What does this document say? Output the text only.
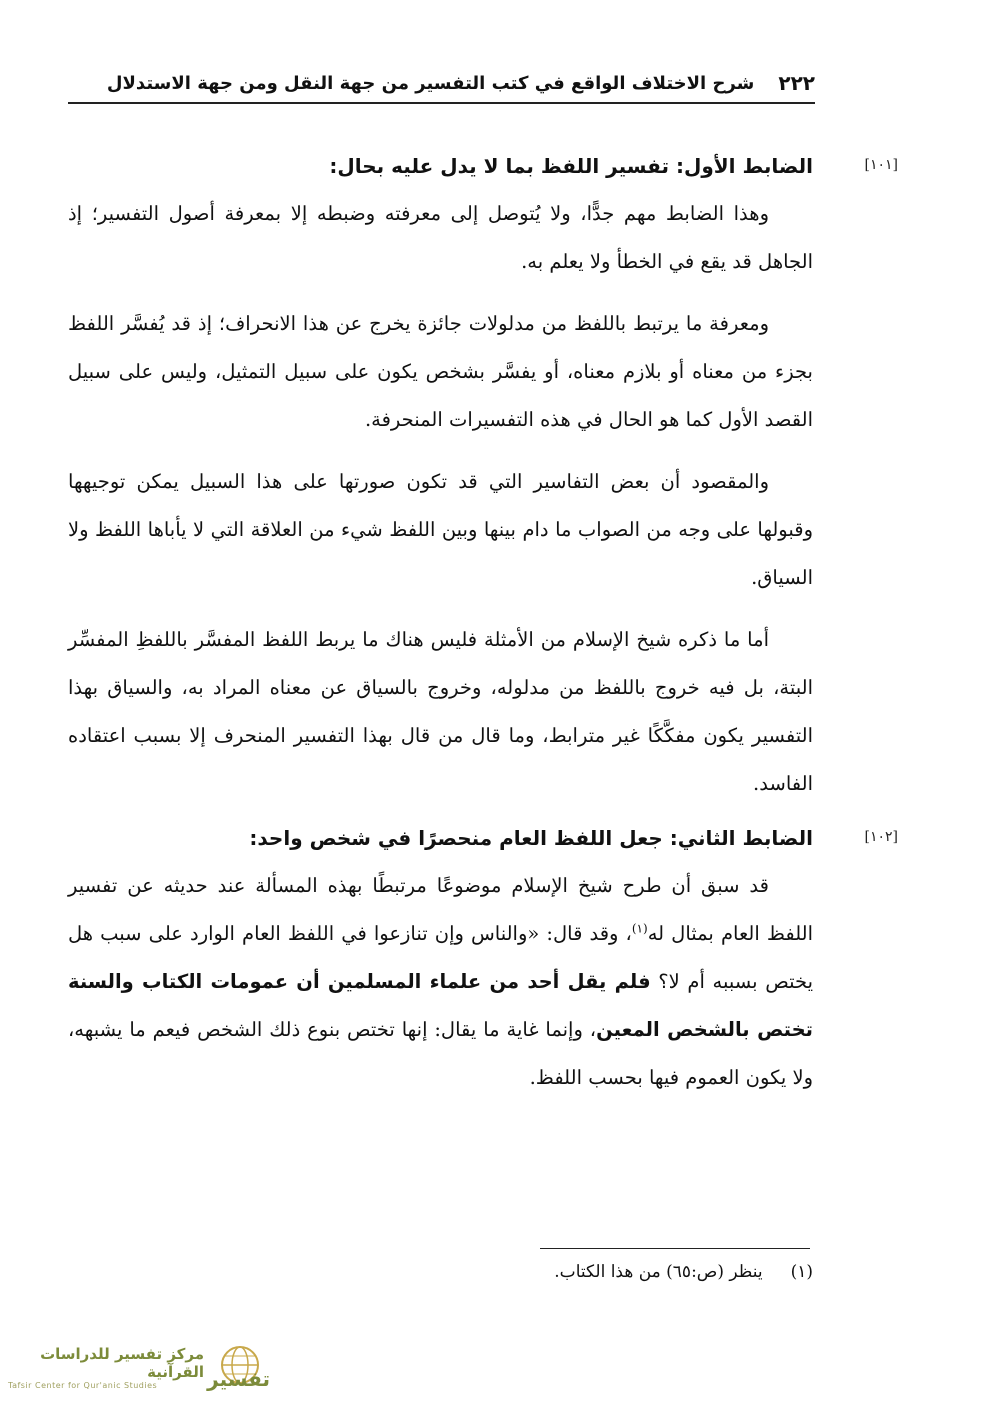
٢٢٢
شرح الاختلاف الواقع في كتب التفسير من جهة النقل ومن جهة الاستدلال
[١٠١]
الضابط الأول: تفسير اللفظ بما لا يدل عليه بحال:

وهذا الضابط مهم جدًّا، ولا يُتوصل إلى معرفته وضبطه إلا بمعرفة أصول التفسير؛ إذ الجاهل قد يقع في الخطأ ولا يعلم به.

ومعرفة ما يرتبط باللفظ من مدلولات جائزة يخرج عن هذا الانحراف؛ إذ قد يُفسَّر اللفظ بجزء من معناه أو بلازم معناه، أو يفسَّر بشخص يكون على سبيل التمثيل، وليس على سبيل القصد الأول كما هو الحال في هذه التفسيرات المنحرفة.

والمقصود أن بعض التفاسير التي قد تكون صورتها على هذا السبيل يمكن توجيهها وقبولها على وجه من الصواب ما دام بينها وبين اللفظ شيء من العلاقة التي لا يأباها اللفظ ولا السياق.

أما ما ذكره شيخ الإسلام من الأمثلة فليس هناك ما يربط اللفظ المفسَّر باللفظِ المفسِّر البتة، بل فيه خروج باللفظ من مدلوله، وخروج بالسياق عن معناه المراد به، والسياق بهذا التفسير يكون مفكَّكًا غير مترابط، وما قال من قال بهذا التفسير المنحرف إلا بسبب اعتقاده الفاسد.

[١٠٢]
الضابط الثاني: جعل اللفظ العام منحصرًا في شخص واحد:

قد سبق أن طرح شيخ الإسلام موضوعًا مرتبطًا بهذه المسألة عند حديثه عن تفسير اللفظ العام بمثال له$^{(١)}$، وقد قال: «والناس وإن تنازعوا في اللفظ العام الوارد على سبب هل يختص بسببه أم لا؟ فلم يقل أحد من علماء المسلمين أن عمومات الكتاب والسنة تختص بالشخص المعين، وإنما غاية ما يقال: إنها تختص بنوع ذلك الشخص فيعم ما يشبهه، ولا يكون العموم فيها بحسب اللفظ.

(١)
ينظر (ص:٦٥) من هذا الكتاب.
مركز تفسير للدراسات القرآنية
Tafsir Center for Qur'anic Studies تفسير
